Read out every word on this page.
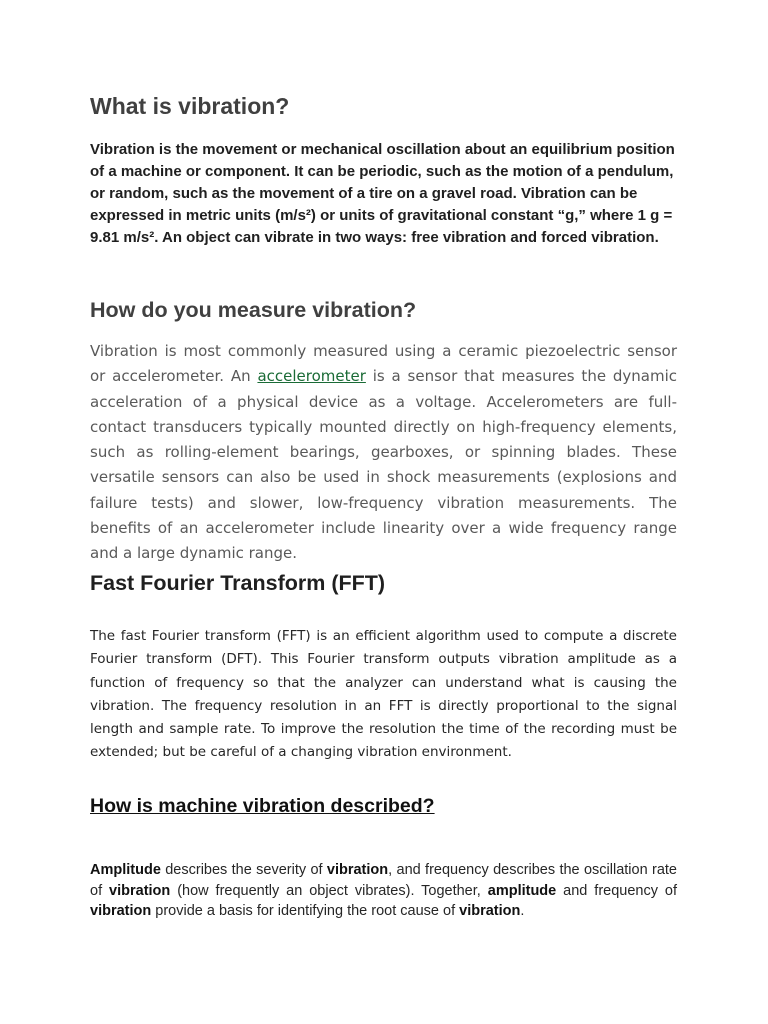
What is vibration?

Vibration is the movement or mechanical oscillation about an equilibrium position of a machine or component. It can be periodic, such as the motion of a pendulum, or random, such as the movement of a tire on a gravel road. Vibration can be expressed in metric units (m/s²) or units of gravitational constant “g,” where 1 g = 9.81 m/s². An object can vibrate in two ways: free vibration and forced vibration.

How do you measure vibration?

Vibration is most commonly measured using a ceramic piezoelectric sensor or accelerometer. An accelerometer is a sensor that measures the dynamic acceleration of a physical device as a voltage. Accelerometers are full-contact transducers typically mounted directly on high-frequency elements, such as rolling-element bearings, gearboxes, or spinning blades. These versatile sensors can also be used in shock measurements (explosions and failure tests) and slower, low-frequency vibration measurements. The benefits of an accelerometer include linearity over a wide frequency range and a large dynamic range.

Fast Fourier Transform (FFT)

The fast Fourier transform (FFT) is an efficient algorithm used to compute a discrete Fourier transform (DFT). This Fourier transform outputs vibration amplitude as a function of frequency so that the analyzer can understand what is causing the vibration. The frequency resolution in an FFT is directly proportional to the signal length and sample rate. To improve the resolution the time of the recording must be extended; but be careful of a changing vibration environment.

How is machine vibration described?

Amplitude describes the severity of vibration, and frequency describes the oscillation rate of vibration (how frequently an object vibrates). Together, amplitude and frequency of vibration provide a basis for identifying the root cause of vibration.
